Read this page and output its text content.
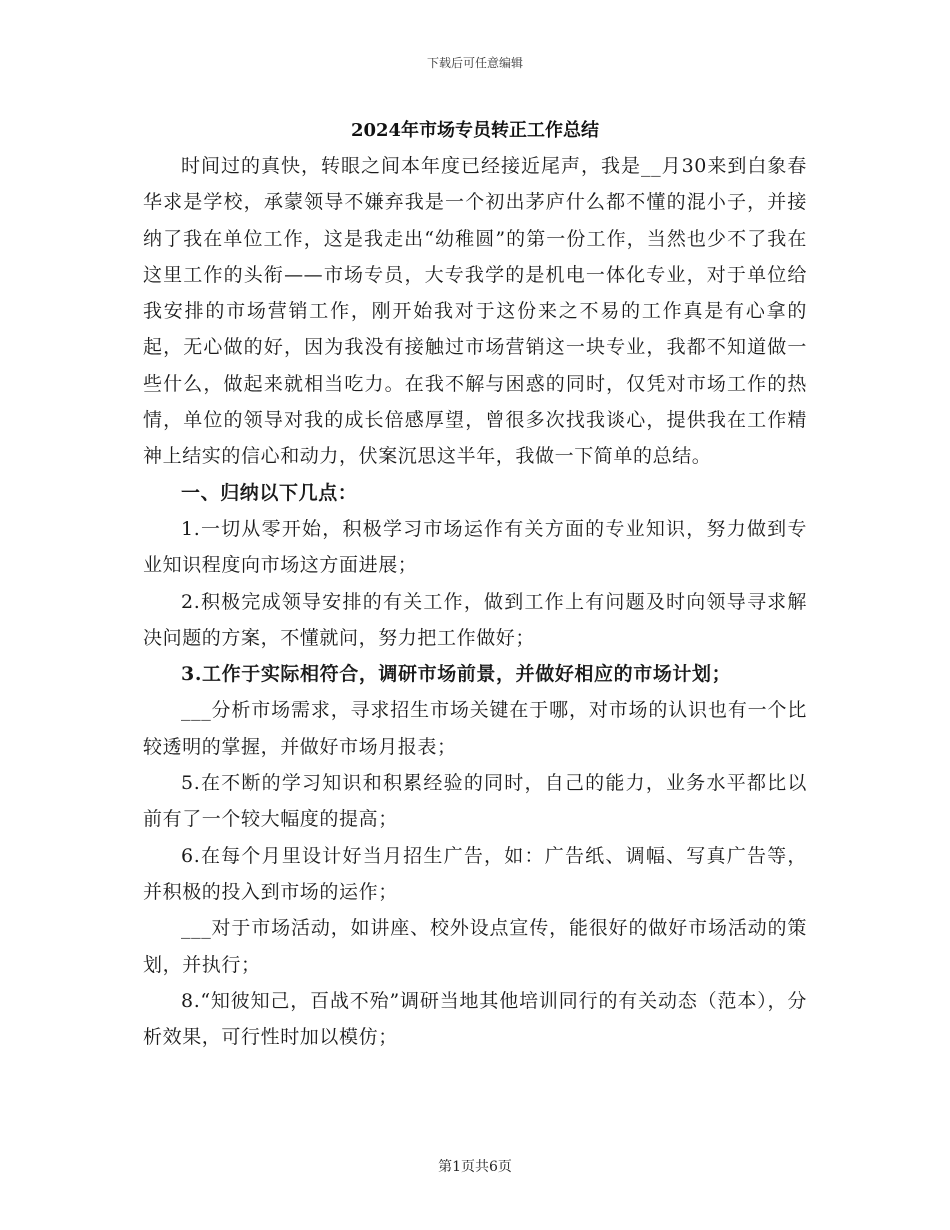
下载后可任意编辑
2024年市场专员转正工作总结

时间过的真快，转眼之间本年度已经接近尾声，我是__月30来到白象春华求是学校，承蒙领导不嫌弃我是一个初出茅庐什么都不懂的混小子，并接纳了我在单位工作，这是我走出“幼稚圆”的第一份工作，当然也少不了我在这里工作的头衔——市场专员，大专我学的是机电一体化专业，对于单位给我安排的市场营销工作，刚开始我对于这份来之不易的工作真是有心拿的起，无心做的好，因为我没有接触过市场营销这一块专业，我都不知道做一些什么，做起来就相当吃力。在我不解与困惑的同时，仅凭对市场工作的热情，单位的领导对我的成长倍感厚望，曾很多次找我谈心，提供我在工作精神上结实的信心和动力，伏案沉思这半年，我做一下简单的总结。

一、归纳以下几点：

1.一切从零开始，积极学习市场运作有关方面的专业知识，努力做到专业知识程度向市场这方面进展；

2.积极完成领导安排的有关工作，做到工作上有问题及时向领导寻求解决问题的方案，不懂就问，努力把工作做好；

3.工作于实际相符合，调研市场前景，并做好相应的市场计划；

___分析市场需求，寻求招生市场关键在于哪，对市场的认识也有一个比较透明的掌握，并做好市场月报表；

5.在不断的学习知识和积累经验的同时，自己的能力，业务水平都比以前有了一个较大幅度的提高；

6.在每个月里设计好当月招生广告，如：广告纸、调幅、写真广告等，并积极的投入到市场的运作；

___对于市场活动，如讲座、校外设点宣传，能很好的做好市场活动的策划，并执行；

8.“知彼知己，百战不殆”调研当地其他培训同行的有关动态（范本），分析效果，可行性时加以模仿；

第1页共6页
